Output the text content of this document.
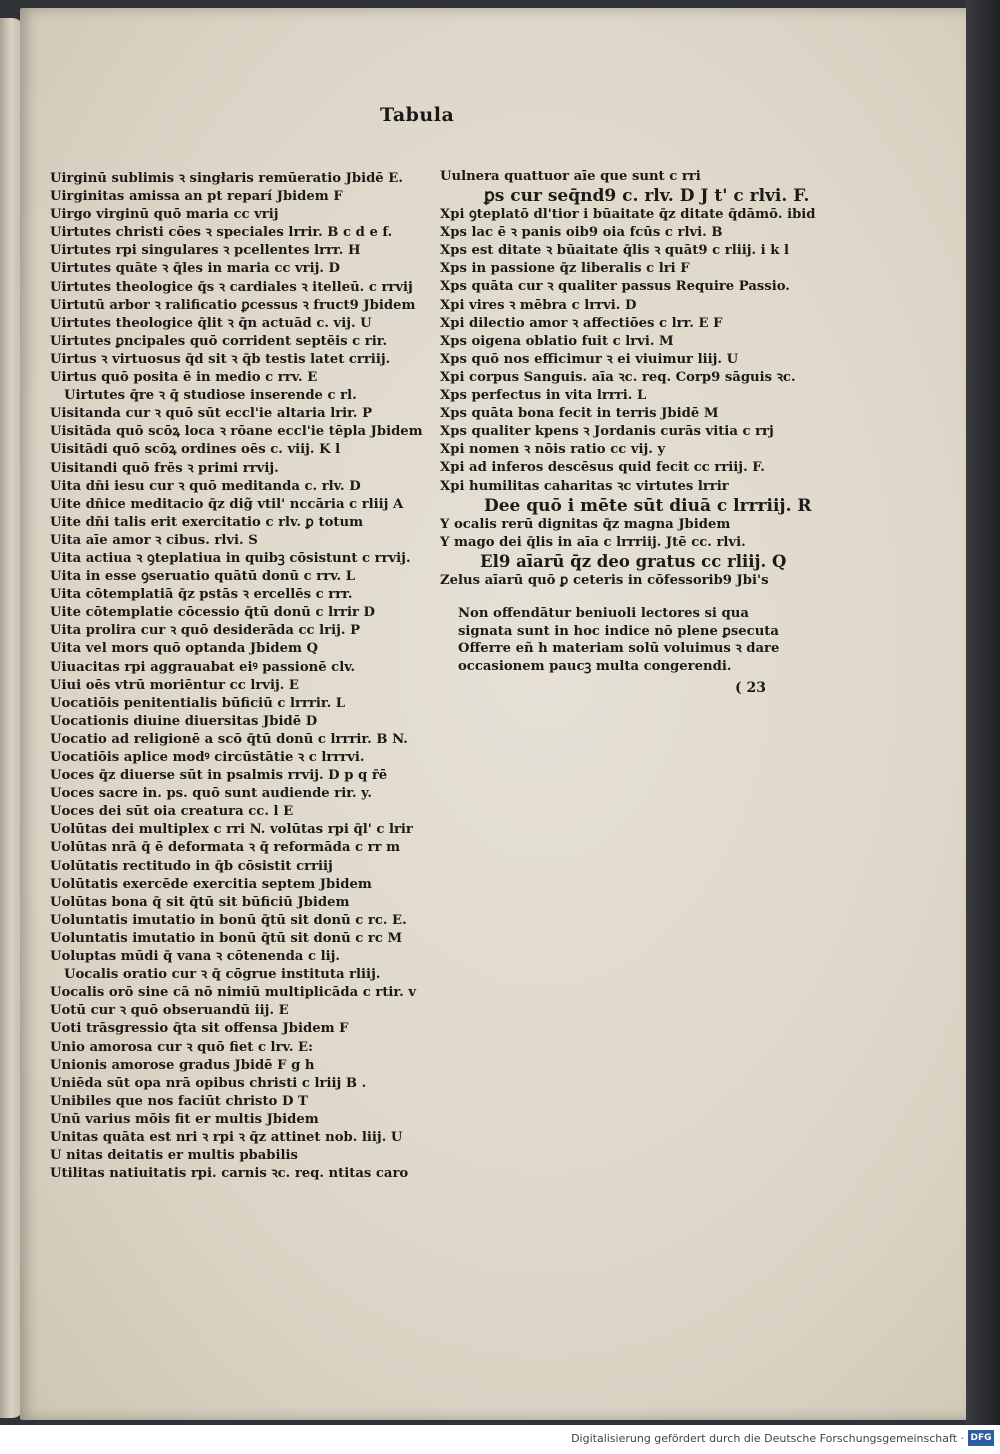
Tabula
Uirginū sublimis ꝛ singłaris remūeratio Jbidē E.
Uirginitas amissa an pt reparí Jbidem F
Uirgo virginū quō maria cc vrij
Uirtutes christi cōes ꝛ speciales lrrir. B c d e f.
Uirtutes rpi singulares ꝛ pcellentes lrrr. H
Uirtutes quāte ꝛ q̄les in maria cc vrij. D
Uirtutes theologice q̄s ꝛ cardiales ꝛ itelleū. c rrvij
Uirtutū arbor ꝛ ralificatio ꝑcessus ꝛ fruct9 Jbidem
Uirtutes theologice q̄lit ꝛ q̄n actuād c. vij. U
Uirtutes ꝑncipales quō corrident septēis c rir.
Uirtus ꝛ virtuosus q̄d sit ꝛ q̄b testis latet crriij.
Uirtus quō posita ē in medio c rrv. E
Uirtutes q̄re ꝛ q̄ studiose inserende c rl.
Uisitanda cur ꝛ quō sūt eccl'ie altaria lrir. P
Uisitāda quō scōꝝ loca ꝛ rōane eccl'ie tēpla Jbidem
Uisitādi quō scōꝝ ordines oēs c. viij. K l
Uisitandi quō frēs ꝛ primi rrvij.
Uita dn̄i iesu cur ꝛ quō meditanda c. rlv. D
Uite dn̄ice meditacio q̄z dig̃ vtil' nccāria c rliij A
Uite dn̄i talis erit exercitatio c rlv. ꝑ totum
Uita aīe amor ꝛ cibus. rlvi. S
Uita actiua ꝛ ꝯteplatiua in quibꝫ cōsistunt c rrvij.
Uita in esse ꝯseruatio quātū donū c rrv. L
Uita cōtemplatiā q̄z pstās ꝛ ercellēs c rrr.
Uite cōtemplatie cōcessio q̄tū donū c lrrir D
Uita prolira cur ꝛ quō desiderāda cc lrij. P
Uita vel mors quō optanda Jbidem Q
Uiuacitas rpi aggrauabat eiꝰ passionē clv.
Uiui oēs vtrū moriēntur cc lrvij. E
Uocatiōis penitentialis būficiū c lrrrir. L
Uocationis diuine diuersitas Jbidē D
Uocatio ad religionē a scō q̄tū donū c lrrrir. B N.
Uocatiōis aplice modꝰ circūstātie ꝛ c lrrrvi.
Uoces q̄z diuerse sūt in psalmis rrvij. D p q r̄ē
Uoces sacre in. ps. quō sunt audiende rir. y.
Uoces dei sūt oia creatura cc. l E
Uolūtas dei multiplex c rri N. volūtas rpi q̄l' c lrir
Uolūtas nrā q̄ ē deformata ꝛ q̄ reformāda c rr m
Uolūtatis rectitudo in q̄b cōsistit crriij
Uolūtatis exercēde exercitia septem Jbidem
Uolūtas bona q̄ sit q̄tū sit būficiū Jbidem
Uoluntatis imutatio in bonū q̄tū sit donū c rc. E.
Uoluntatis imutatio in bonū q̄tū sit donū c rc M
Uoluptas mūdi q̄ vana ꝛ cōtenenda c lij.
Uocalis oratio cur ꝛ q̄ cōgrue instituta rliij.
Uocalis orō sine cā nō nimiū multiplicāda c rtir. v
Uotū cur ꝛ quō obseruandū iij. E
Uoti trāsgressio q̄ta sit offensa Jbidem F
Unio amorosa cur ꝛ quō fiet c lrv. E:
Unionis amorose gradus Jbidē F g h
Uniēda sūt opa nrā opibus christi c lriij B .
Unibiles que nos faciūt christo D T
Unū varius mōis fit er multis Jbidem
Unitas quāta est nri ꝛ rpi ꝛ q̄z attinet nob. liij. U
U nitas deitatis er multis pbabilis
Utilitas natiuitatis rpi. carnis ꝛc. req. ntitas caro
Uulnera quattuor aīe que sunt c rri
ꝑs cur seq̄nd9 c. rlv. D J t' c rlvi. F.
Xpi ꝯteplatō dl'tior i būaitate q̄z ditate q̄dāmō. ibid
Xps lac ē ꝛ panis oib9 oia fcūs c rlvi. B
Xps est ditate ꝛ būaitate q̄lis ꝛ quāt9 c rliij. i k l
Xps in passione q̄z liberalis c lri F
Xps quāta cur ꝛ qualiter passus Require Passio.
Xpi vires ꝛ mēbra c lrrvi. D
Xpi dilectio amor ꝛ affectiōes c lrr. E F
Xps oigena oblatio fuit c lrvi. M
Xps quō nos efficimur ꝛ ei viuimur liij. U
Xpi corpus Sanguis. aīa ꝛc. req. Corp9 sāguis ꝛc.
Xps perfectus in vita lrrri. L
Xps quāta bona fecit in terris Jbidē M
Xps qualiter kpens ꝛ Jordanis curās vitia c rrj
Xpi nomen ꝛ nōis ratio cc vij. y
Xpi ad inferos descēsus quid fecit cc rriij. F.
Xpi humilitas caharitas ꝛc virtutes lrrir
Dee quō i mēte sūt diuā c lrrriij. R
Y ocalis rerū dignitas q̄z magna Jbidem
Y mago dei q̄lis in aīa c lrrriij. Jtē cc. rlvi.
El9 aīarū q̄z deo gratus cc rliij. Q
Zelus aīarū quō ꝑ ceteris in cōfessorib9 Jbi's
Non offendātur beniuoli lectores si qua signata sunt in hoc indice nō plene ꝑsecuta Offerre eñ h materiam solū voluimus ꝛ dare occasionem paucꝫ multa congerendi.
( 23
Digitalisierung gefördert durch die Deutsche Forschungsgemeinschaft · DFG
